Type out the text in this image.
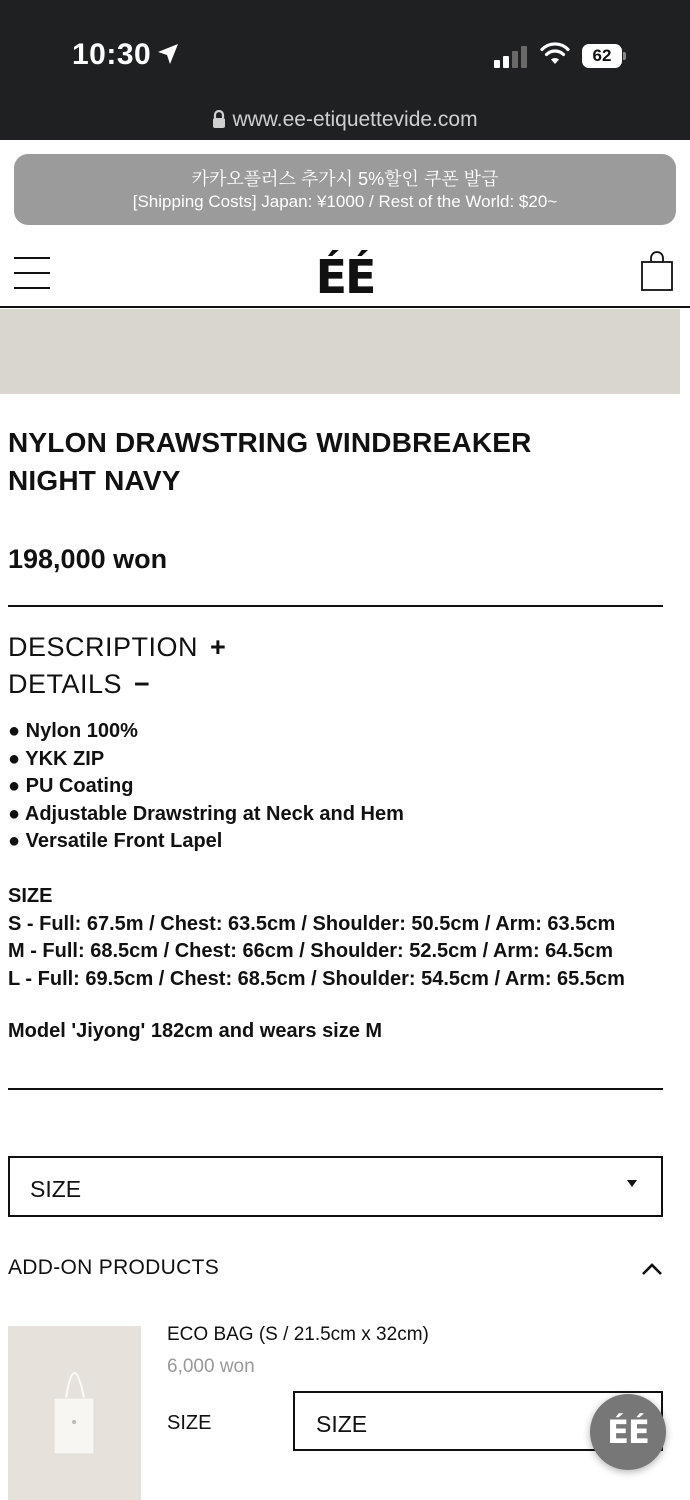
10:30	62
www.ee-etiquettevide.com
카카오플러스 추가시 5%할인 쿠폰 발급
[Shipping Costs] Japan: ¥1000 / Rest of the World: $20~
ÉÉ
NYLON DRAWSTRING WINDBREAKER
NIGHT NAVY
198,000 won
DESCRIPTION +
DETAILS −
● Nylon 100%
● YKK ZIP
● PU Coating
● Adjustable Drawstring at Neck and Hem
● Versatile Front Lapel
SIZE
S - Full: 67.5m / Chest: 63.5cm / Shoulder: 50.5cm / Arm: 63.5cm
M - Full: 68.5cm / Chest: 66cm / Shoulder: 52.5cm / Arm: 64.5cm
L - Full: 69.5cm / Chest: 68.5cm / Shoulder: 54.5cm / Arm: 65.5cm
Model 'Jiyong' 182cm and wears size M
SIZE
ADD-ON PRODUCTS
ECO BAG (S / 21.5cm x 32cm)
6,000 won
SIZE	SIZE	ÉÉ
